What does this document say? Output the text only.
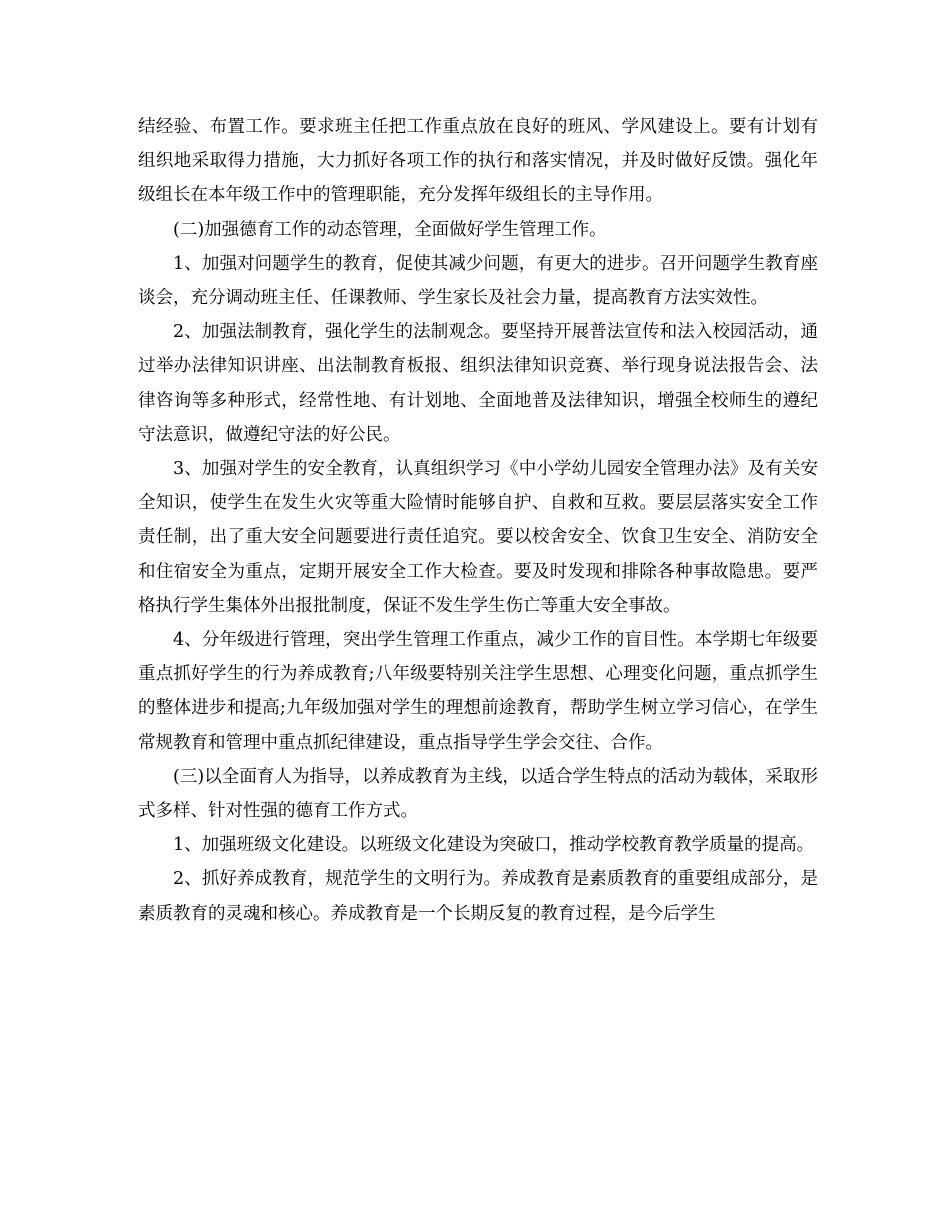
结经验、布置工作。要求班主任把工作重点放在良好的班风、学风建设上。要有计划有组织地采取得力措施，大力抓好各项工作的执行和落实情况，并及时做好反馈。强化年级组长在本年级工作中的管理职能，充分发挥年级组长的主导作用。

(二)加强德育工作的动态管理，全面做好学生管理工作。

1、加强对问题学生的教育，促使其减少问题，有更大的进步。召开问题学生教育座谈会，充分调动班主任、任课教师、学生家长及社会力量，提高教育方法实效性。

2、加强法制教育，强化学生的法制观念。要坚持开展普法宣传和法入校园活动，通过举办法律知识讲座、出法制教育板报、组织法律知识竞赛、举行现身说法报告会、法律咨询等多种形式，经常性地、有计划地、全面地普及法律知识，增强全校师生的遵纪守法意识，做遵纪守法的好公民。

3、加强对学生的安全教育，认真组织学习《中小学幼儿园安全管理办法》及有关安全知识，使学生在发生火灾等重大险情时能够自护、自救和互救。要层层落实安全工作责任制，出了重大安全问题要进行责任追究。要以校舍安全、饮食卫生安全、消防安全和住宿安全为重点，定期开展安全工作大检查。要及时发现和排除各种事故隐患。要严格执行学生集体外出报批制度，保证不发生学生伤亡等重大安全事故。

4、分年级进行管理，突出学生管理工作重点，减少工作的盲目性。本学期七年级要重点抓好学生的行为养成教育;八年级要特别关注学生思想、心理变化问题，重点抓学生的整体进步和提高;九年级加强对学生的理想前途教育，帮助学生树立学习信心，在学生常规教育和管理中重点抓纪律建设，重点指导学生学会交往、合作。

(三)以全面育人为指导，以养成教育为主线，以适合学生特点的活动为载体，采取形式多样、针对性强的德育工作方式。

1、加强班级文化建设。以班级文化建设为突破口，推动学校教育教学质量的提高。

2、抓好养成教育，规范学生的文明行为。养成教育是素质教育的重要组成部分，是素质教育的灵魂和核心。养成教育是一个长期反复的教育过程，是今后学生
